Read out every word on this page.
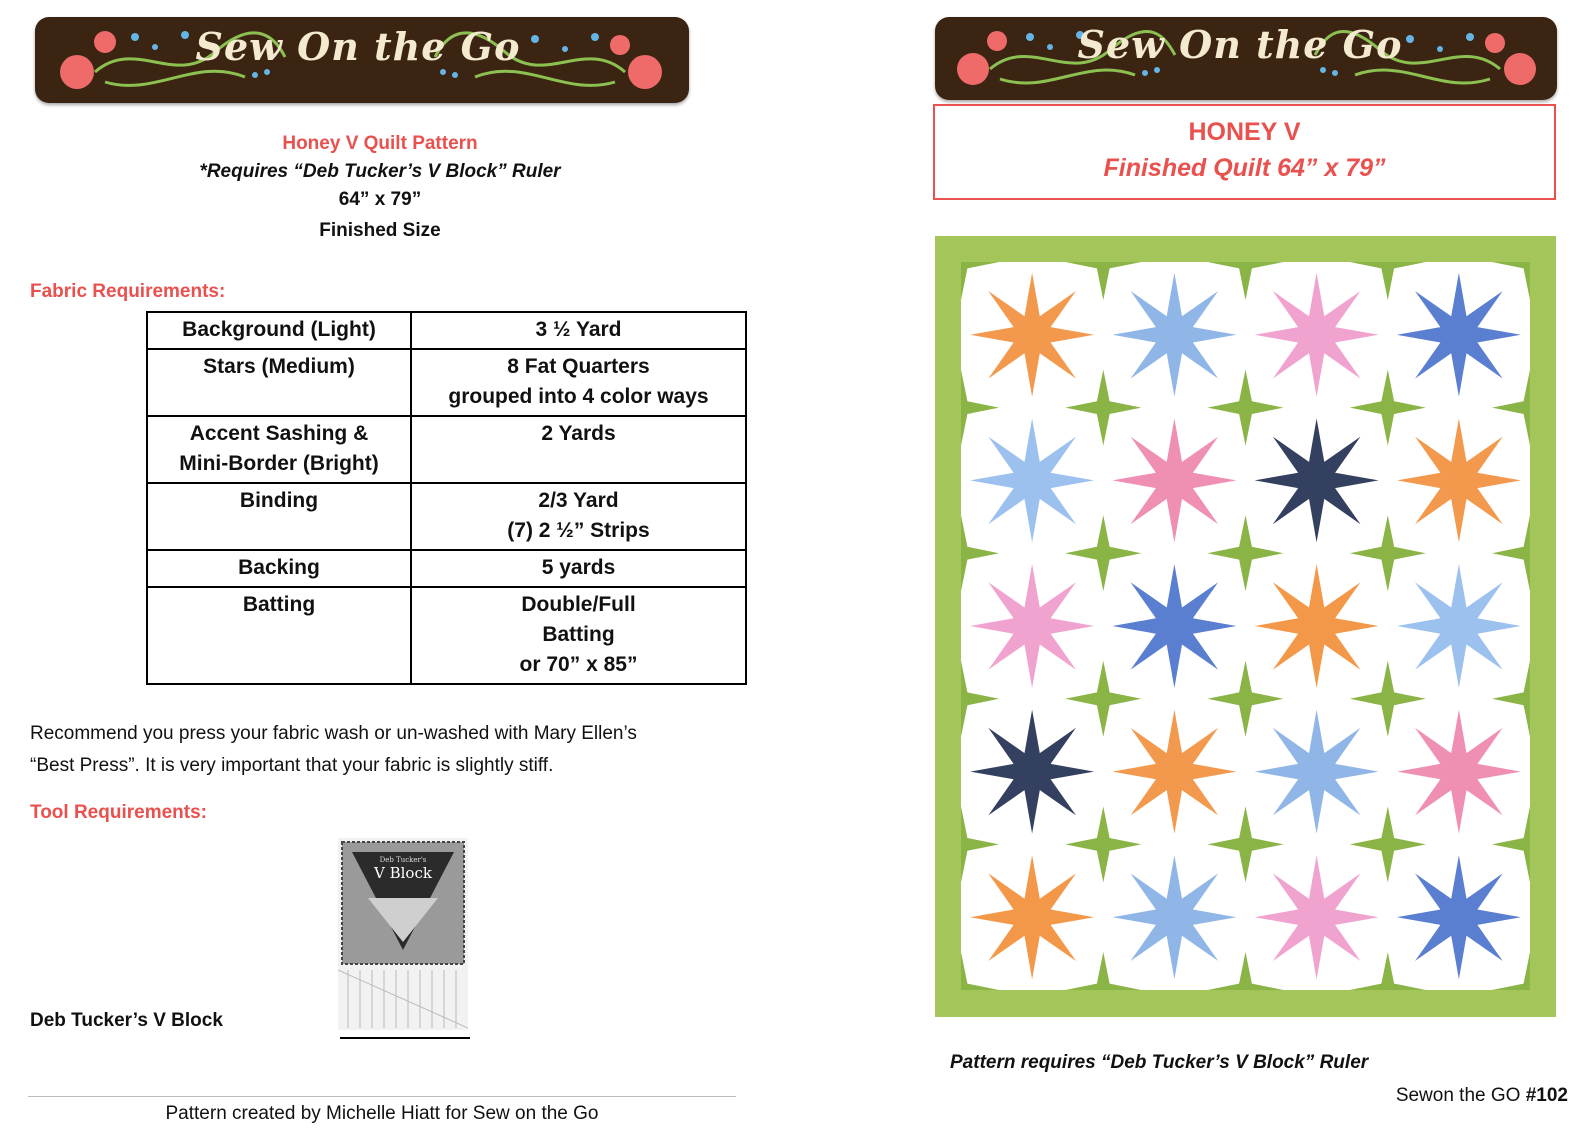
Sew On the Go
Honey V Quilt Pattern
*Requires “Deb Tucker’s V Block” Ruler
64” x 79”
Finished Size
Fabric Requirements:
Background (Light)	3 ½ Yard

Stars (Medium)	8 Fat Quarters
grouped into 4 color ways

Accent Sashing &
Mini-Border (Bright)	2 Yards

Binding	2/3 Yard
(7) 2 ½” Strips

Backing	5 yards

Batting	Double/Full
Batting
or 70” x 85”
Recommend you press your fabric wash or un-washed with Mary Ellen’s
“Best Press”. It is very important that your fabric is slightly stiff.
Tool Requirements:
Deb Tucker's
V Block
Deb Tucker’s V Block
Pattern created by Michelle Hiatt for Sew on the Go
Sew On the Go
HONEY V
Finished Quilt 64” x 79”
Pattern requires “Deb Tucker’s V Block” Ruler
Sewon the GO #102
